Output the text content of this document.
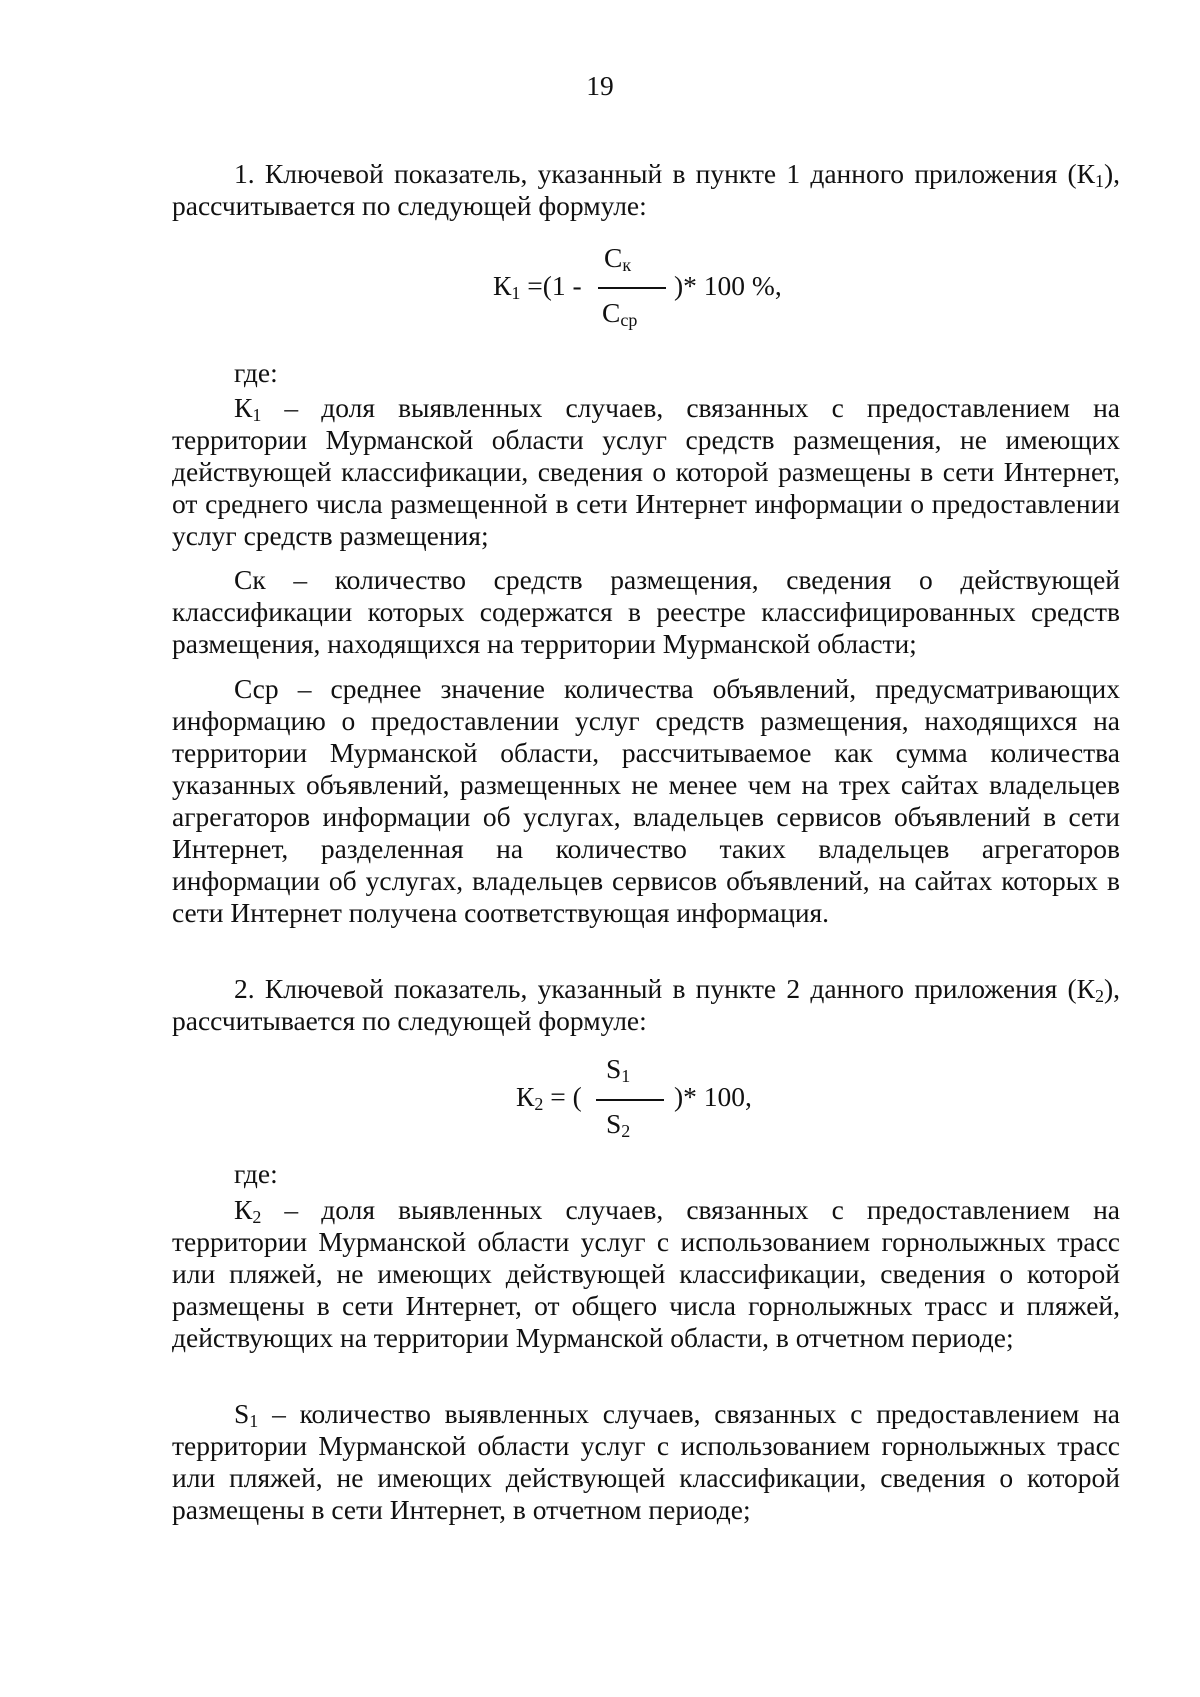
19

1. Ключевой показатель, указанный в пункте 1 данного приложения $(К_1)$, рассчитывается по следующей формуле:

$К_1 =(1$ -
$С_к$
$С_{ср}$
)* 100 %,
где:

$К_1$ – доля выявленных случаев, связанных с предоставлением на территории Мурманской области услуг средств размещения, не имеющих действующей классификации, сведения о которой размещены в сети Интернет, от среднего числа размещенной в сети Интернет информации о предоставлении услуг средств размещения;

Ск – количество средств размещения, сведения о действующей классификации которых содержатся в реестре классифицированных средств размещения, находящихся на территории Мурманской области;

Сср – среднее значение количества объявлений, предусматривающих информацию о предоставлении услуг средств размещения, находящихся на территории Мурманской области, рассчитываемое как сумма количества указанных объявлений, размещенных не менее чем на трех сайтах владельцев агрегаторов информации об услугах, владельцев сервисов объявлений в сети Интернет, разделенная на количество таких владельцев агрегаторов информации об услугах, владельцев сервисов объявлений, на сайтах которых в сети Интернет получена соответствующая информация.

2. Ключевой показатель, указанный в пункте 2 данного приложения $(К_2)$, рассчитывается по следующей формуле:

$К_2$ = (
$S_1$
$S_2$
)* 100,
где:

$К_2$ – доля выявленных случаев, связанных с предоставлением на территории Мурманской области услуг с использованием горнолыжных трасс или пляжей, не имеющих действующей классификации, сведения о которой размещены в сети Интернет, от общего числа горнолыжных трасс и пляжей, действующих на территории Мурманской области, в отчетном периоде;

$S_1$ – количество выявленных случаев, связанных с предоставлением на территории Мурманской области услуг с использованием горнолыжных трасс или пляжей, не имеющих действующей классификации, сведения о которой размещены в сети Интернет, в отчетном периоде;
